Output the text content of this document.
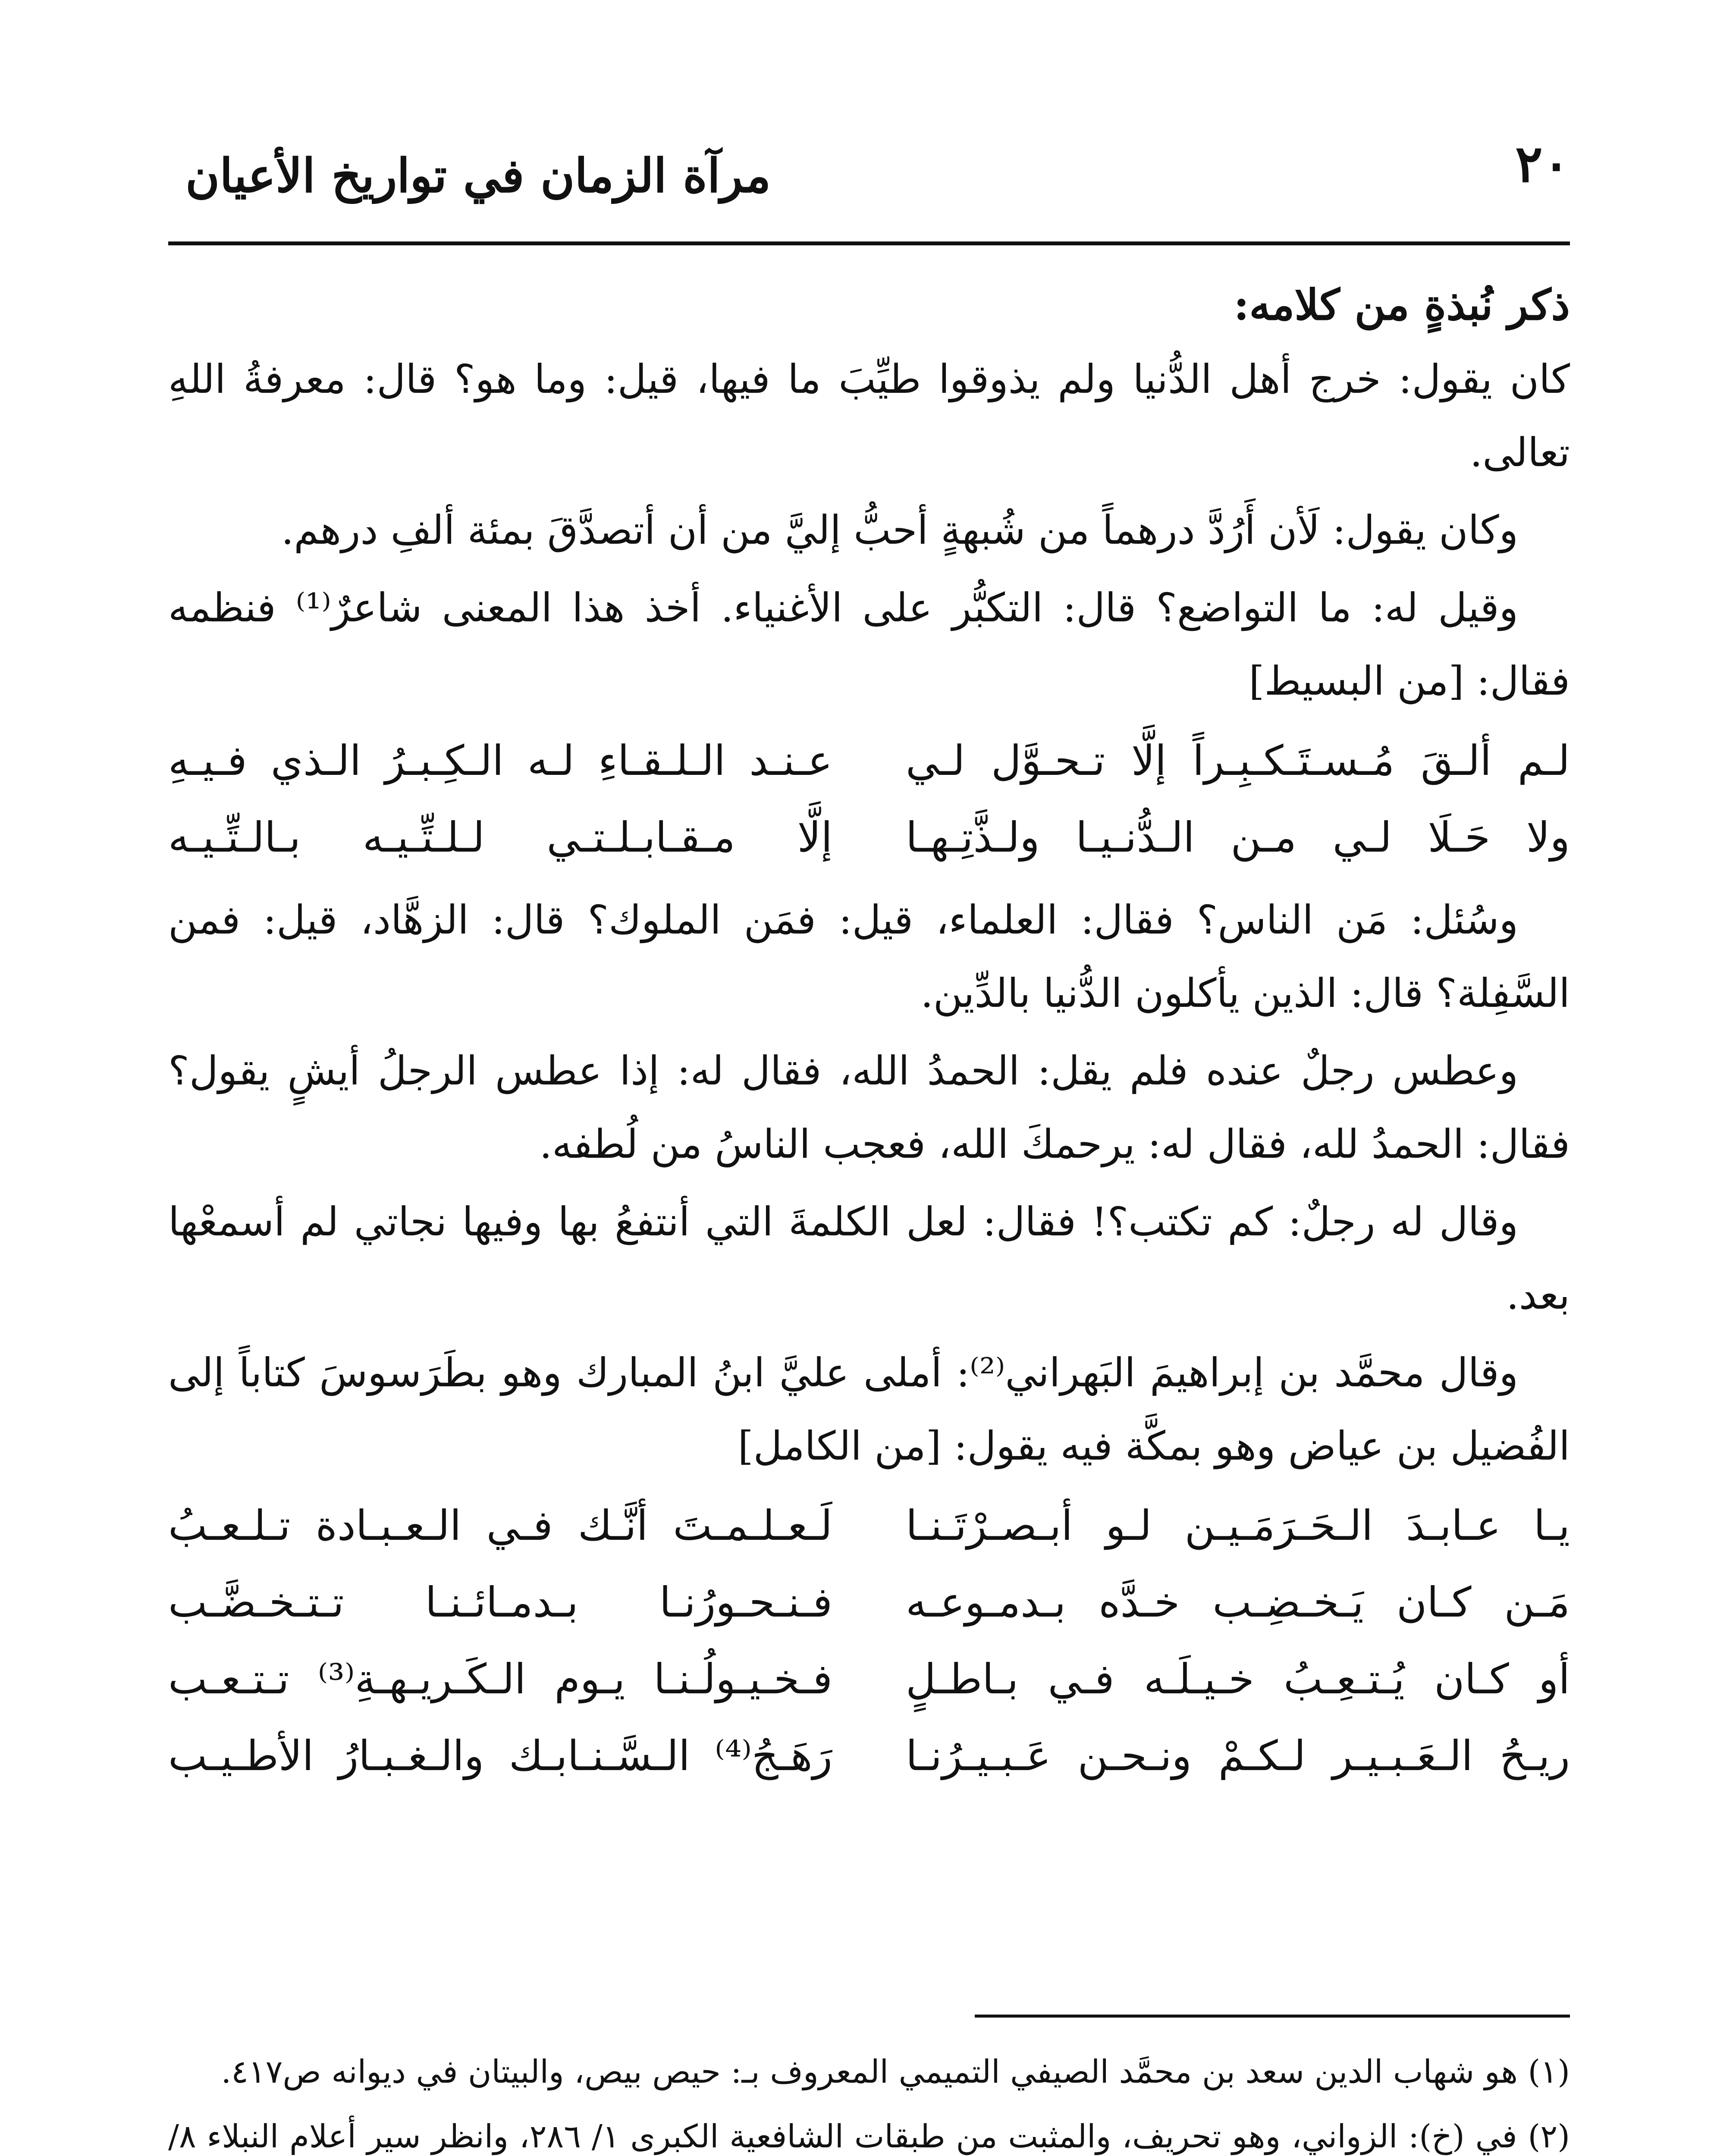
٢٠
مرآة الزمان في تواريخ الأعيان

ذكر نُبذةٍ من كلامه:

كان يقول: خرج أهل الدُّنيا ولم يذوقوا طيِّبَ ما فيها، قيل: وما هو؟ قال: معرفةُ اللهِ تعالى.

وكان يقول: لَأن أَرُدَّ درهماً من شُبهةٍ أحبُّ إليَّ من أن أتصدَّقَ بمئة ألفِ درهم.

وقيل له: ما التواضع؟ قال: التكبُّر على الأغنياء. أخذ هذا المعنى شاعرٌ⁽¹⁾ فنظمه فقال: [من البسيط]

لـم ألـقَ مُـسـتَـكـبِـراً إلَّا تـحـوَّل لـي
عـنـد الـلـقـاءِ لـه الـكِـبـرُ الـذي فـيـهِ
ولا حَـلَا لـي مـن الـدُّنـيـا ولـذَّتِـهـا
إلَّا مـقـابـلـتـي لـلـتِّـيـه بـالـتِّـيـه

وسُئل: مَن الناس؟ فقال: العلماء، قيل: فمَن الملوك؟ قال: الزهَّاد، قيل: فمن السَّفِلة؟ قال: الذين يأكلون الدُّنيا بالدِّين.

وعطس رجلٌ عنده فلم يقل: الحمدُ الله، فقال له: إذا عطس الرجلُ أيشٍ يقول؟ فقال: الحمدُ لله، فقال له: يرحمكَ الله، فعجب الناسُ من لُطفه.

وقال له رجلٌ: كم تكتب؟! فقال: لعل الكلمةَ التي أنتفعُ بها وفيها نجاتي لم أسمعْها بعد.

وقال محمَّد بن إبراهيمَ البَهراني⁽²⁾: أملى عليَّ ابنُ المبارك وهو بطَرَسوسَ كتاباً إلى الفُضيل بن عياض وهو بمكَّة فيه يقول: [من الكامل]

يـا عـابـدَ الـحَـرَمَـيـن لـو أبـصـرْتَـنـا
لَـعـلـمـتَ أنَّـك فـي الـعـبـادة تـلـعـبُ
مَـن كـان يَـخـضِـب خـدَّه بـدمـوعـه
فـنـحـورُنـا بـدمـائـنـا تـتـخـضَّـب
أو كـان يُـتـعِـبُ خـيـلَـه فـي بـاطـلٍ
فـخـيـولُـنـا يـوم الـكَـريـهـةِ⁽³⁾ تـتـعـب
ريـحُ الـعَـبـيـر لـكـمْ ونـحـن عَـبـيـرُنـا
رَهَـجُ⁽⁴⁾ الـسَّـنـابـك والـغـبـارُ الأطـيـب

(١) هو شهاب الدين سعد بن محمَّد الصيفي التميمي المعروف بـ: حيص بيص، والبيتان في ديوانه ص٤١٧.

(٢) في (خ): الزواني، وهو تحريف، والمثبت من طبقات الشافعية الكبرى ١/ ٢٨٦، وانظر سير أعلام النبلاء ٨/
